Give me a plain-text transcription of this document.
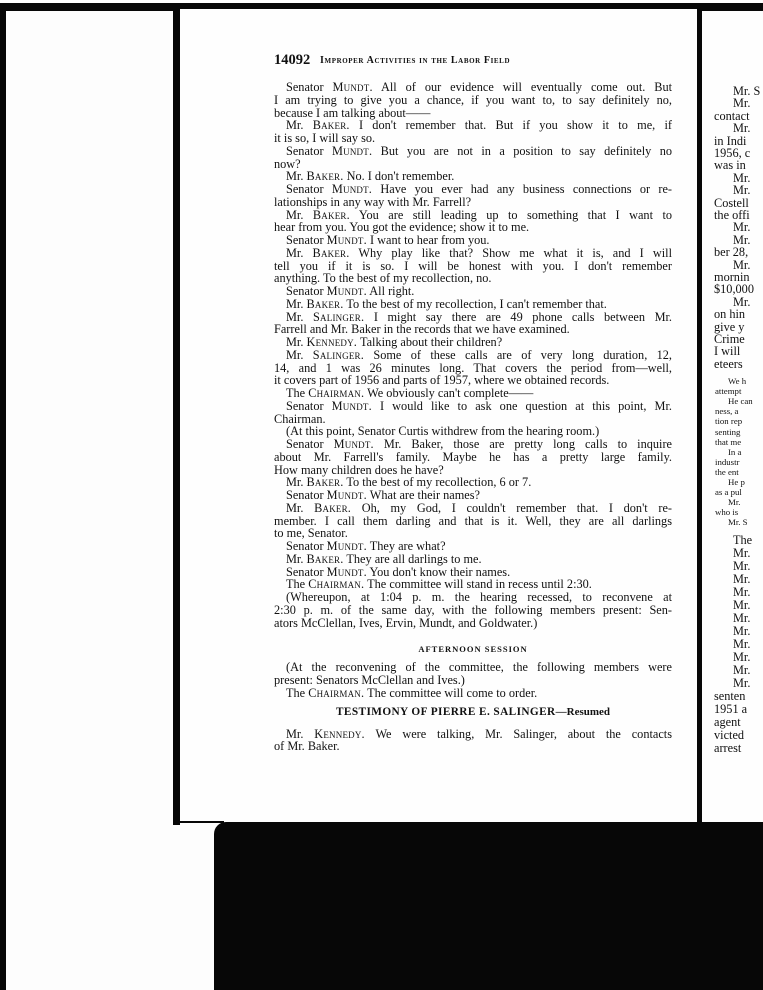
14092 Improper Activities in the Labor Field
Senator Mundt. All of our evidence will eventually come out. But
I am trying to give you a chance, if you want to, to say definitely no,
because I am talking about——
Mr. Baker. I don't remember that. But if you show it to me, if
it is so, I will say so.
Senator Mundt. But you are not in a position to say definitely no
now?
Mr. Baker. No. I don't remember.
Senator Mundt. Have you ever had any business connections or re-
lationships in any way with Mr. Farrell?
Mr. Baker. You are still leading up to something that I want to
hear from you. You got the evidence; show it to me.
Senator Mundt. I want to hear from you.
Mr. Baker. Why play like that? Show me what it is, and I will
tell you if it is so. I will be honest with you. I don't remember
anything. To the best of my recollection, no.
Senator Mundt. All right.
Mr. Baker. To the best of my recollection, I can't remember that.
Mr. Salinger. I might say there are 49 phone calls between Mr.
Farrell and Mr. Baker in the records that we have examined.
Mr. Kennedy. Talking about their children?
Mr. Salinger. Some of these calls are of very long duration, 12,
14, and 1 was 26 minutes long. That covers the period from—well,
it covers part of 1956 and parts of 1957, where we obtained records.
The Chairman. We obviously can't complete——
Senator Mundt. I would like to ask one question at this point, Mr.
Chairman.
(At this point, Senator Curtis withdrew from the hearing room.)
Senator Mundt. Mr. Baker, those are pretty long calls to inquire
about Mr. Farrell's family. Maybe he has a pretty large family.
How many children does he have?
Mr. Baker. To the best of my recollection, 6 or 7.
Senator Mundt. What are their names?
Mr. Baker. Oh, my God, I couldn't remember that. I don't re-
member. I call them darling and that is it. Well, they are all darlings
to me, Senator.
Senator Mundt. They are what?
Mr. Baker. They are all darlings to me.
Senator Mundt. You don't know their names.
The Chairman. The committee will stand in recess until 2:30.
(Whereupon, at 1:04 p. m. the hearing recessed, to reconvene at
2:30 p. m. of the same day, with the following members present: Sen-
ators McClellan, Ives, Ervin, Mundt, and Goldwater.)
AFTERNOON SESSION
(At the reconvening of the committee, the following members were
present: Senators McClellan and Ives.)
The Chairman. The committee will come to order.
TESTIMONY OF PIERRE E. SALINGER—Resumed
Mr. Kennedy. We were talking, Mr. Salinger, about the contacts
of Mr. Baker.
Mr. S
Mr.
contact
Mr.
in Indi
1956, c
was in
Mr.
Mr.
Costell
the offi
Mr.
Mr.
ber 28,
Mr.
mornin
$10,000
Mr.
on hin
give y
Crime
I will
eteers
We h
attempt
He can
ness, a
tion rep
senting
that me
In a
industr
the ent
He p
as a pul
Mr.
who is
Mr. S
The
Mr.
Mr.
Mr.
Mr.
Mr.
Mr.
Mr.
Mr.
Mr.
Mr.
Mr.
senten
1951 a
agent
victed
arrest
